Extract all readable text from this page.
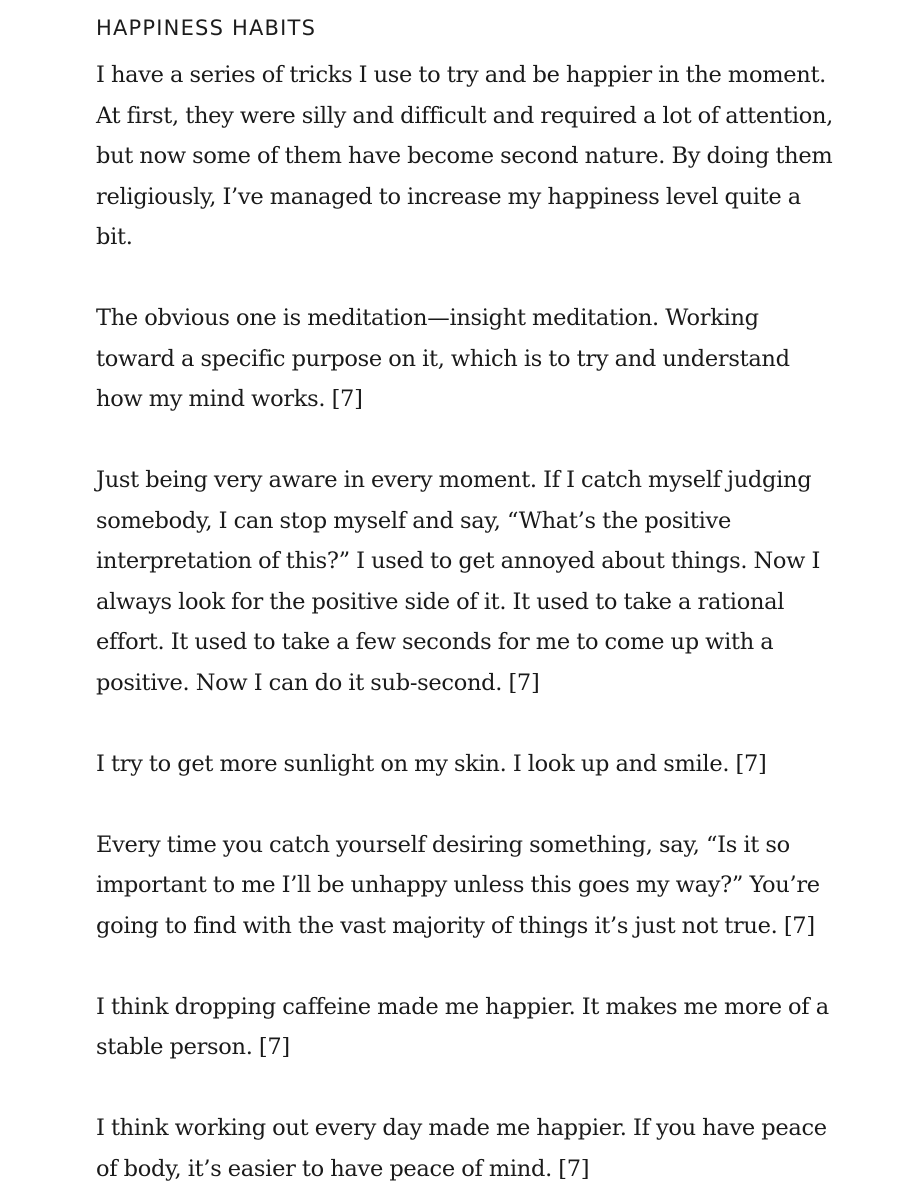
HAPPINESS HABITS

I have a series of tricks I use to try and be happier in the moment. At first, they were silly and difficult and required a lot of attention, but now some of them have become second nature. By doing them religiously, I’ve managed to increase my happiness level quite a bit.

The obvious one is meditation—insight meditation. Working toward a specific purpose on it, which is to try and understand how my mind works. [7]

Just being very aware in every moment. If I catch myself judging somebody, I can stop myself and say, “What’s the positive interpretation of this?” I used to get annoyed about things. Now I always look for the positive side of it. It used to take a rational effort. It used to take a few seconds for me to come up with a positive. Now I can do it sub-second. [7]

I try to get more sunlight on my skin. I look up and smile. [7]

Every time you catch yourself desiring something, say, “Is it so important to me I’ll be unhappy unless this goes my way?” You’re going to find with the vast majority of things it’s just not true. [7]

I think dropping caffeine made me happier. It makes me more of a stable person. [7]

I think working out every day made me happier. If you have peace of body, it’s easier to have peace of mind. [7]
